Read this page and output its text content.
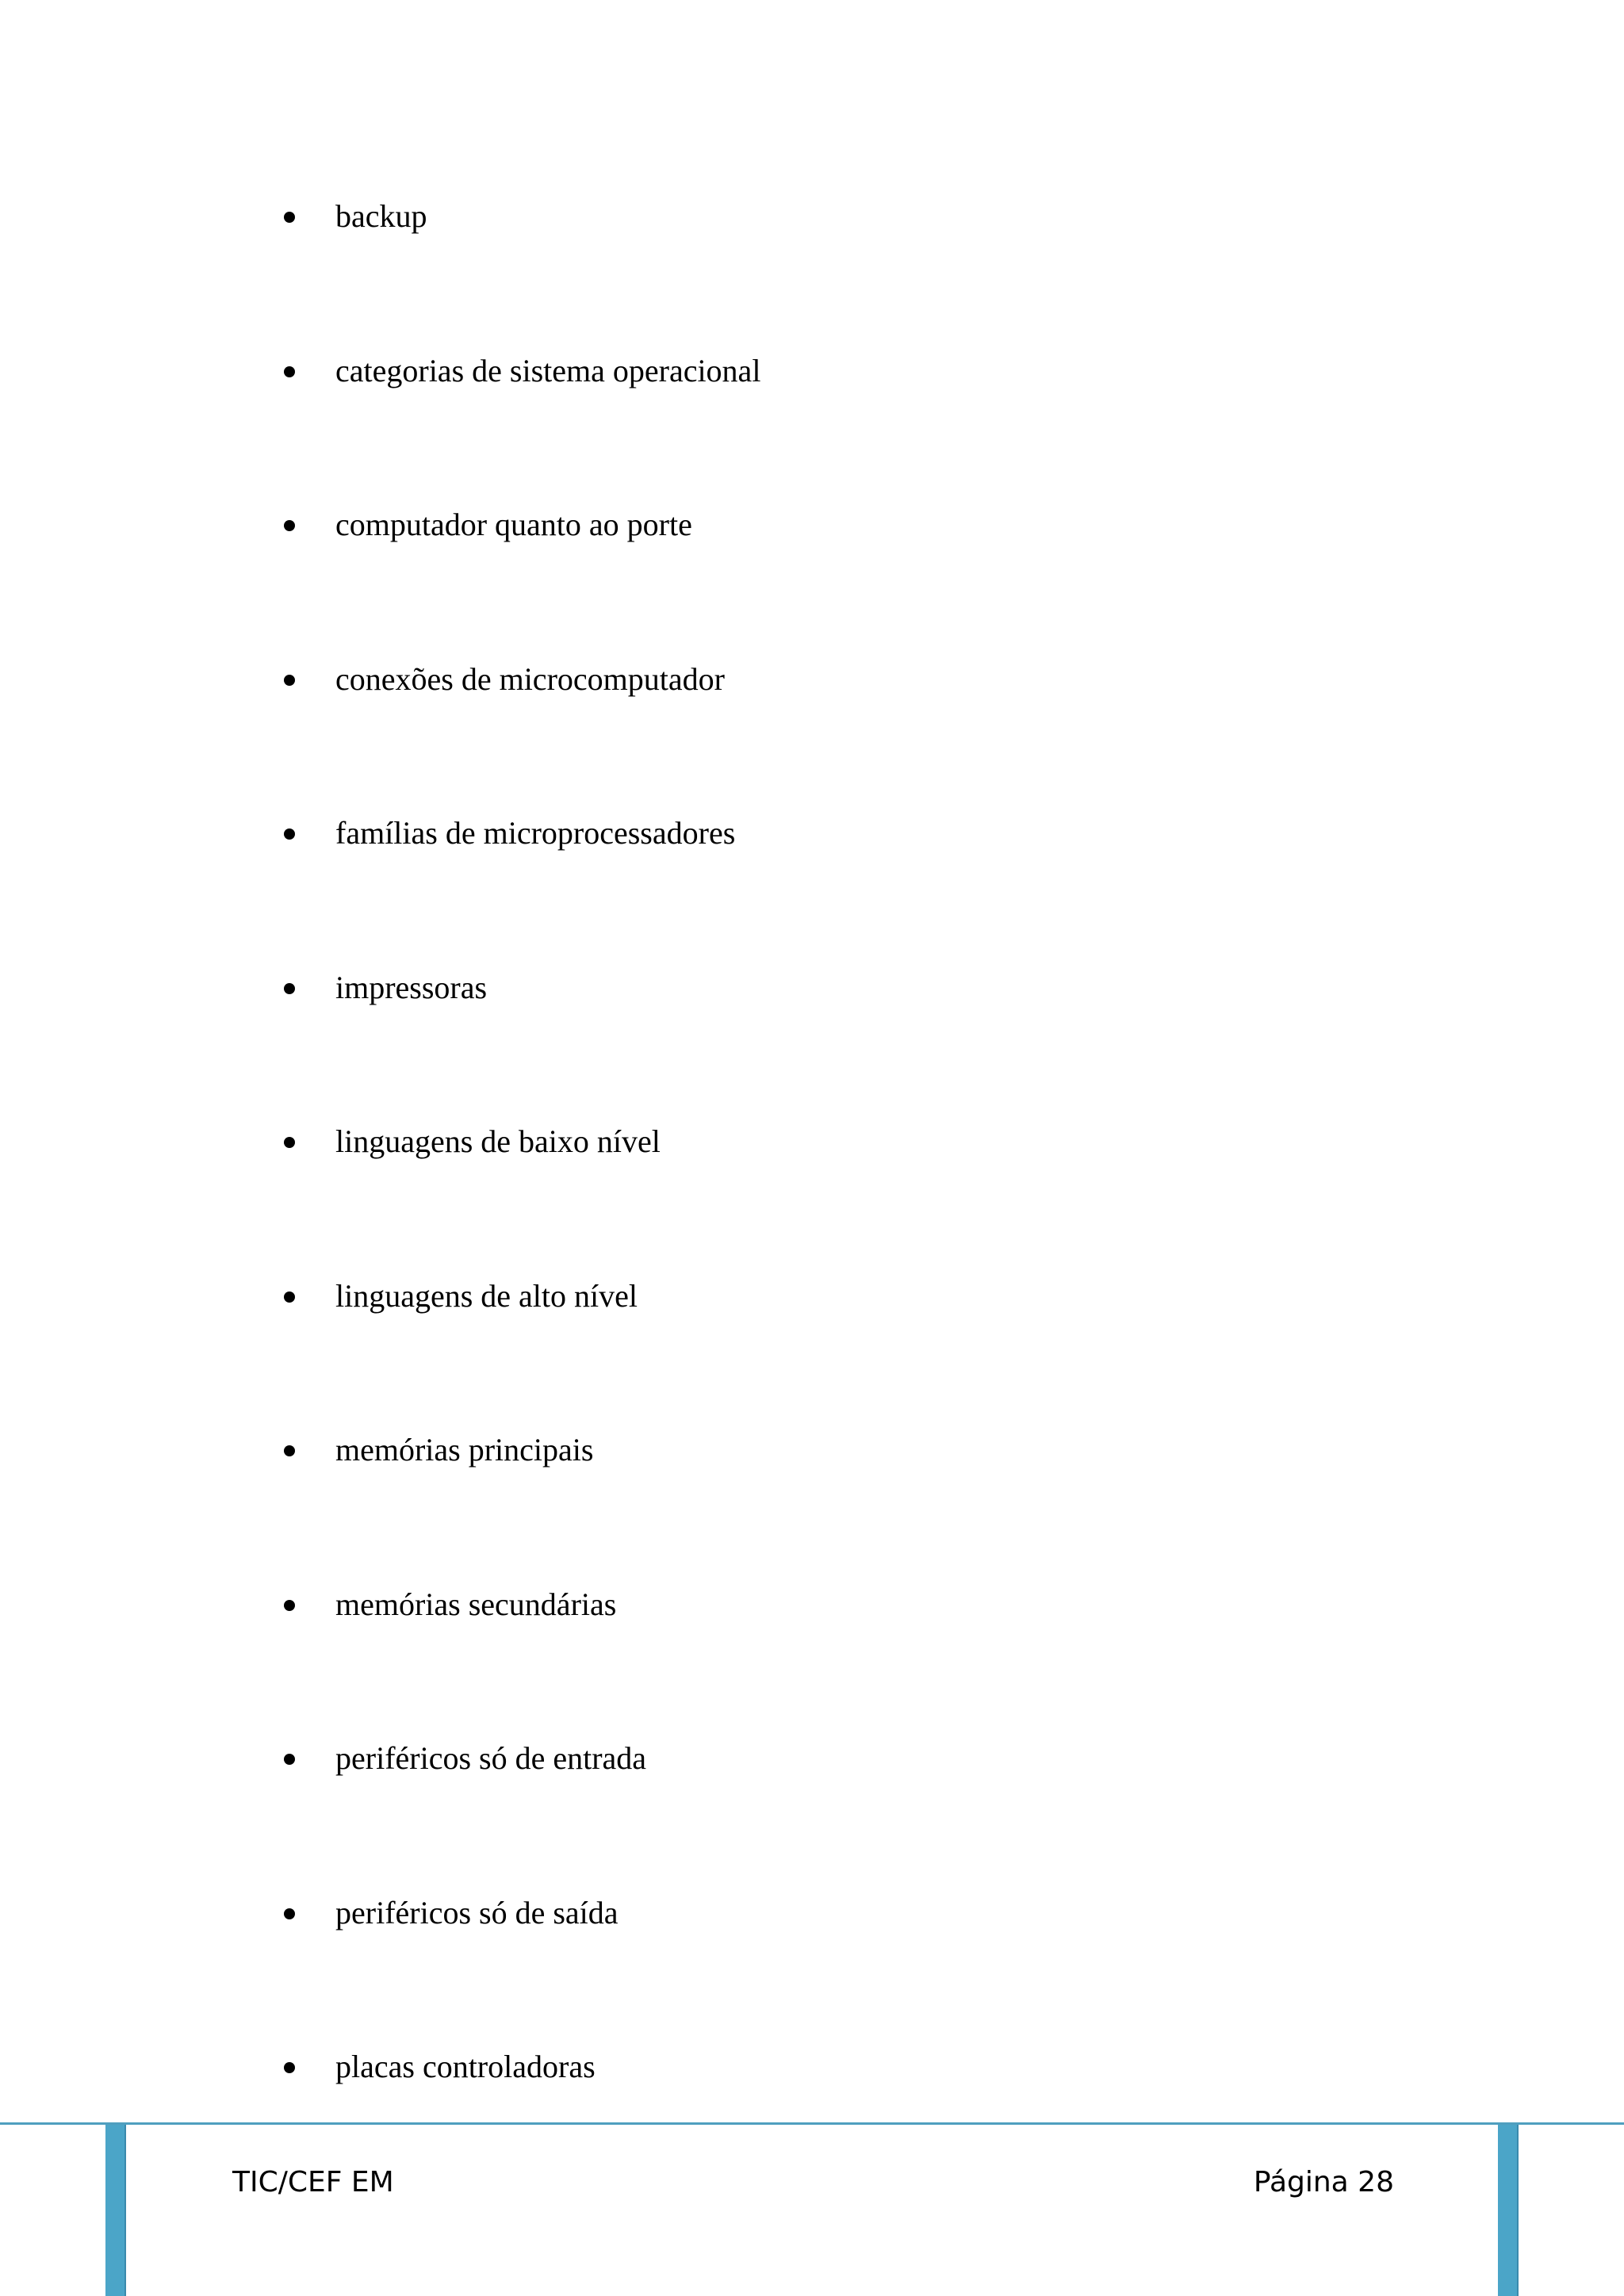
backup
categorias de sistema operacional
computador quanto ao porte
conexões de microcomputador
famílias de microprocessadores
impressoras
linguagens de baixo nível
linguagens de alto nível
memórias principais
memórias secundárias
periféricos só de entrada
periféricos só de saída
placas controladoras
TIC/CEF EM	Página 28
